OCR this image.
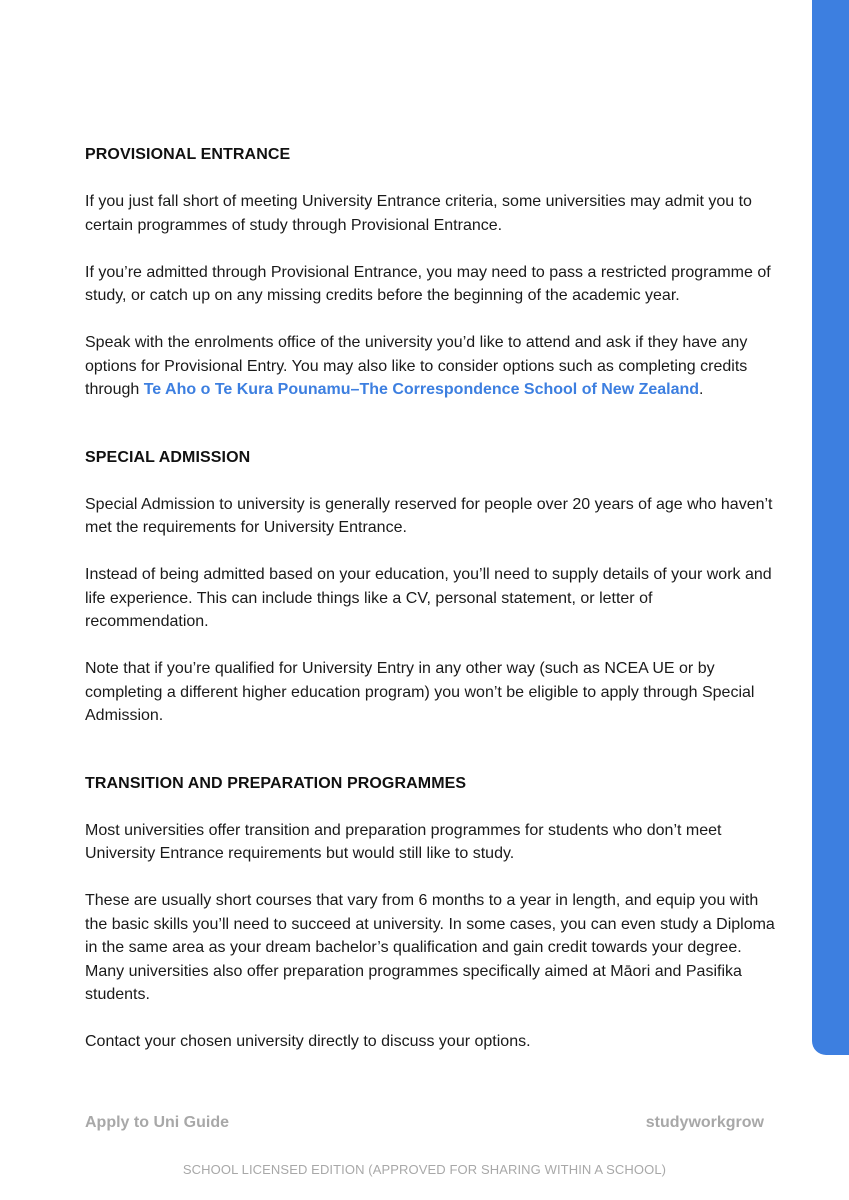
PROVISIONAL ENTRANCE

If you just fall short of meeting University Entrance criteria, some universities may admit you to certain programmes of study through Provisional Entrance.

If you’re admitted through Provisional Entrance, you may need to pass a restricted programme of study, or catch up on any missing credits before the beginning of the academic year.

Speak with the enrolments office of the university you’d like to attend and ask if they have any options for Provisional Entry. You may also like to consider options such as completing credits through Te Aho o Te Kura Pounamu–The Correspondence School of New Zealand.

SPECIAL ADMISSION

Special Admission to university is generally reserved for people over 20 years of age who haven’t met the requirements for University Entrance.

Instead of being admitted based on your education, you’ll need to supply details of your work and life experience. This can include things like a CV, personal statement, or letter of recommendation.

Note that if you’re qualified for University Entry in any other way (such as NCEA UE or by completing a different higher education program) you won’t be eligible to apply through Special Admission.

TRANSITION AND PREPARATION PROGRAMMES

Most universities offer transition and preparation programmes for students who don’t meet University Entrance requirements but would still like to study.

These are usually short courses that vary from 6 months to a year in length, and equip you with the basic skills you’ll need to succeed at university. In some cases, you can even study a Diploma in the same area as your dream bachelor’s qualification and gain credit towards your degree. Many universities also offer preparation programmes specifically aimed at Māori and Pasifika students.

Contact your chosen university directly to discuss your options.

Apply to Uni Guide	studyworkgrow
SCHOOL LICENSED EDITION (APPROVED FOR SHARING WITHIN A SCHOOL)
